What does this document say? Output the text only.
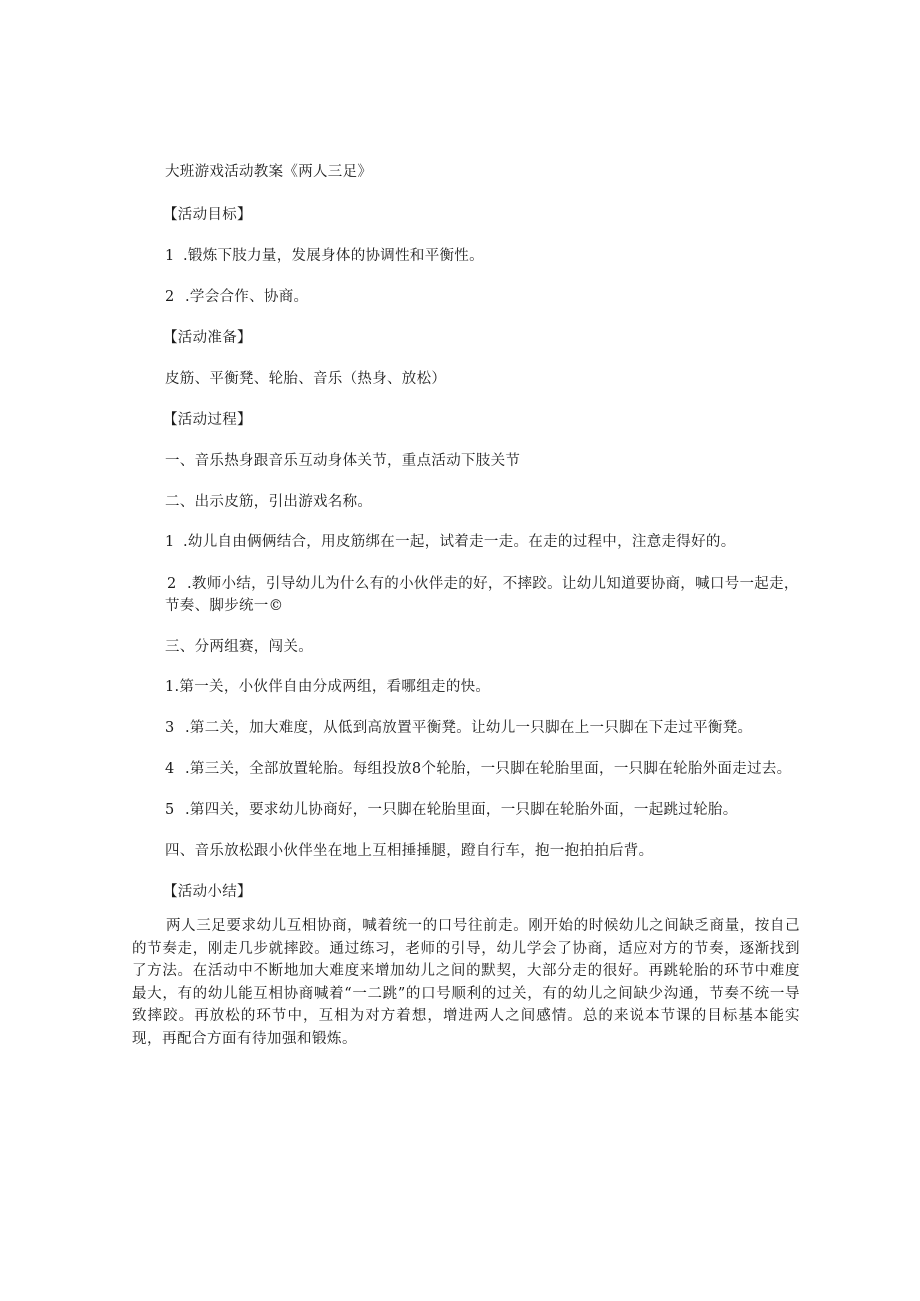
大班游戏活动教案《两人三足》
【活动目标】
1 .锻炼下肢力量，发展身体的协调性和平衡性。
2 .学会合作、协商。
【活动准备】
皮筋、平衡凳、轮胎、音乐（热身、放松）
【活动过程】
一、音乐热身跟音乐互动身体关节，重点活动下肢关节
二、出示皮筋，引出游戏名称。
1 .幼儿自由俩俩结合，用皮筋绑在一起，试着走一走。在走的过程中，注意走得好的。
2 .教师小结，引导幼儿为什么有的小伙伴走的好，不摔跤。让幼儿知道要协商，喊口号一起走，
节奏、脚步统一©
三、分两组赛，闯关。
1.第一关，小伙伴自由分成两组，看哪组走的快。
3 .第二关，加大难度，从低到高放置平衡凳。让幼儿一只脚在上一只脚在下走过平衡凳。
4 .第三关，全部放置轮胎。每组投放8个轮胎，一只脚在轮胎里面，一只脚在轮胎外面走过去。
5 .第四关，要求幼儿协商好，一只脚在轮胎里面，一只脚在轮胎外面，一起跳过轮胎。
四、音乐放松跟小伙伴坐在地上互相捶捶腿，蹬自行车，抱一抱拍拍后背。
【活动小结】
两人三足要求幼儿互相协商，喊着统一的口号往前走。刚开始的时候幼儿之间缺乏商量，按自己的节奏走，刚走几步就摔跤。通过练习，老师的引导，幼儿学会了协商，适应对方的节奏，逐渐找到了方法。在活动中不断地加大难度来增加幼儿之间的默契，大部分走的很好。再跳轮胎的环节中难度最大，有的幼儿能互相协商喊着“一二跳”的口号顺利的过关，有的幼儿之间缺少沟通，节奏不统一导致摔跤。再放松的环节中，互相为对方着想，增进两人之间感情。总的来说本节课的目标基本能实现，再配合方面有待加强和锻炼。
